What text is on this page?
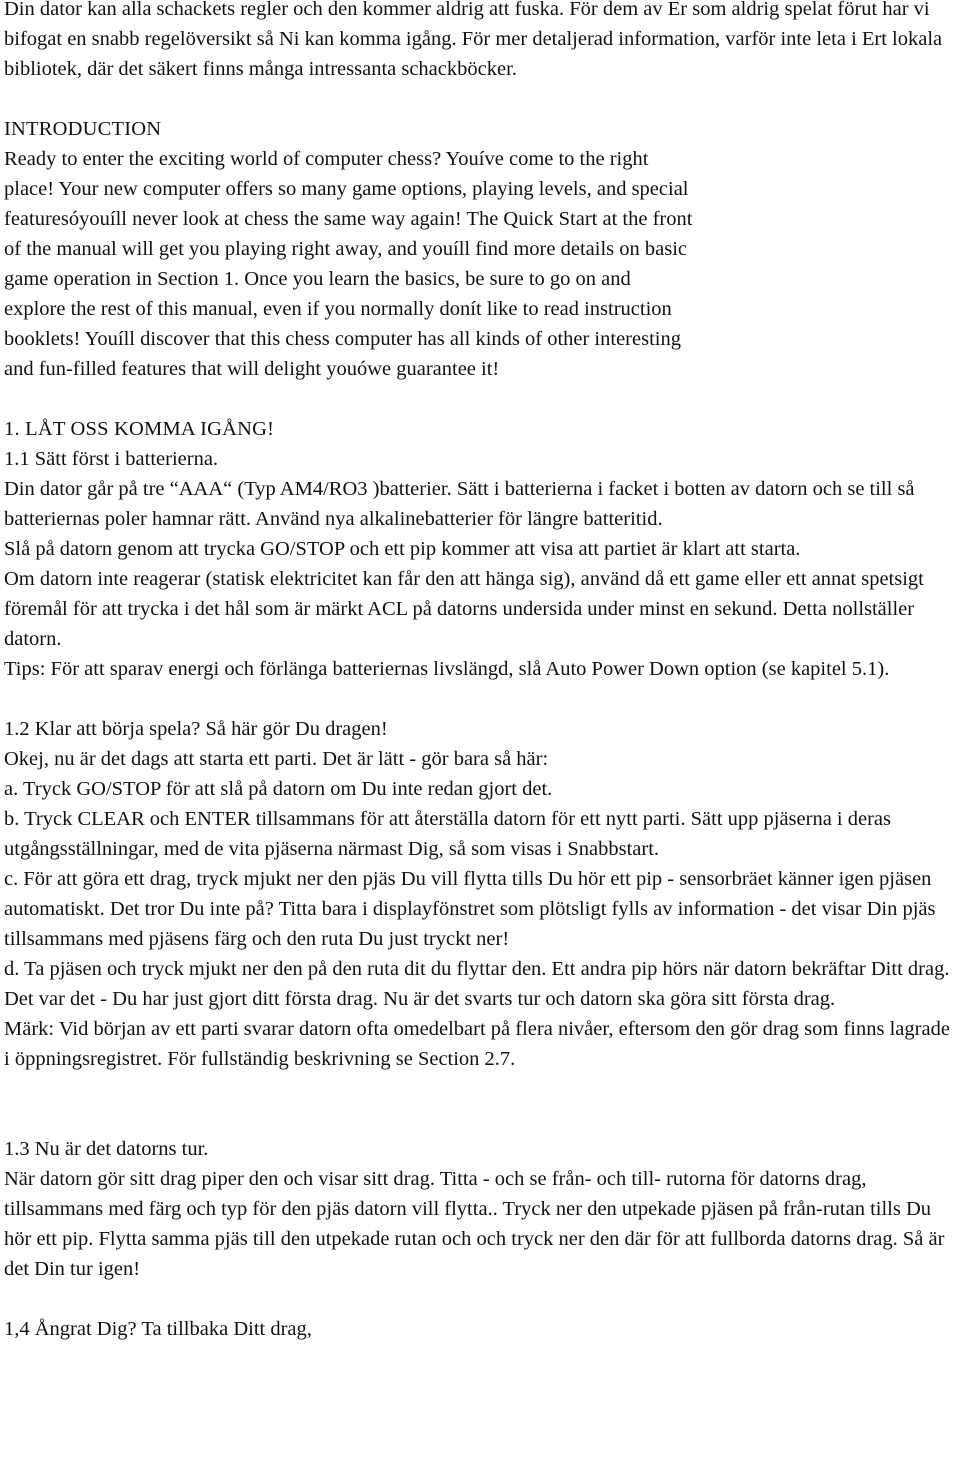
Din dator kan alla schackets regler och den kommer aldrig att fuska. För dem av Er som aldrig spelat förut har vi bifogat en snabb regelöversikt så Ni kan komma igång. För mer detaljerad information, varför inte leta i Ert lokala bibliotek, där det säkert finns många intressanta schackböcker.

INTRODUCTION

Ready to enter the exciting world of computer chess? Youíve come to the right place! Your new computer offers so many game options, playing levels, and special featuresóyouíll never look at chess the same way again! The Quick Start at the front of the manual will get you playing right away, and youíll find more details on basic game operation in Section 1. Once you learn the basics, be sure to go on and explore the rest of this manual, even if you normally donít like to read instruction booklets! Youíll discover that this chess computer has all kinds of other interesting and fun-filled features that will delight youówe guarantee it!

1. LÅT OSS KOMMA IGÅNG!

1.1 Sätt först i batterierna.

Din dator går på tre “AAA“ (Typ AM4/RO3 )batterier. Sätt i batterierna i facket i botten av datorn och se till så batteriernas poler hamnar rätt. Använd nya alkalinebatterier för längre batteritid.

Slå på datorn genom att trycka GO/STOP och ett pip kommer att visa att partiet är klart att starta.

Om datorn inte reagerar (statisk elektricitet kan får den att hänga sig), använd då ett game eller ett annat spetsigt föremål för att trycka i det hål som är märkt ACL på datorns undersida under minst en sekund. Detta nollställer datorn.

Tips: För att sparav energi och förlänga batteriernas livslängd, slå Auto Power Down option (se kapitel 5.1).

1.2 Klar att börja spela? Så här gör Du dragen!

Okej, nu är det dags att starta ett parti. Det är lätt - gör bara så här:

a. Tryck GO/STOP för att slå på datorn om Du inte redan gjort det.

b. Tryck CLEAR och ENTER tillsammans för att återställa datorn för ett nytt parti. Sätt upp pjäserna i deras utgångsställningar, med de vita pjäserna närmast Dig, så som visas i Snabbstart.

c. För att göra ett drag, tryck mjukt ner den pjäs Du vill flytta tills Du hör ett pip - sensorbräet känner igen pjäsen automatiskt. Det tror Du inte på? Titta bara i displayfönstret som plötsligt fylls av information - det visar Din pjäs tillsammans med pjäsens färg och den ruta Du just tryckt ner!

d. Ta pjäsen och tryck mjukt ner den på den ruta dit du flyttar den. Ett andra pip hörs när datorn bekräftar Ditt drag. Det var det - Du har just gjort ditt första drag. Nu är det svarts tur och datorn ska göra sitt första drag.

Märk: Vid början av ett parti svarar datorn ofta omedelbart på flera nivåer, eftersom den gör drag som finns lagrade i öppningsregistret. För fullständig beskrivning se Section 2.7.

1.3 Nu är det datorns tur.

När datorn gör sitt drag piper den och visar sitt drag. Titta - och se från- och till- rutorna för datorns drag, tillsammans med färg och typ för den pjäs datorn vill flytta.. Tryck ner den utpekade pjäsen på från-rutan tills Du hör ett pip. Flytta samma pjäs till den utpekade rutan och och tryck ner den där för att fullborda datorns drag. Så är det Din tur igen!

1,4 Ångrat Dig? Ta tillbaka Ditt drag,
